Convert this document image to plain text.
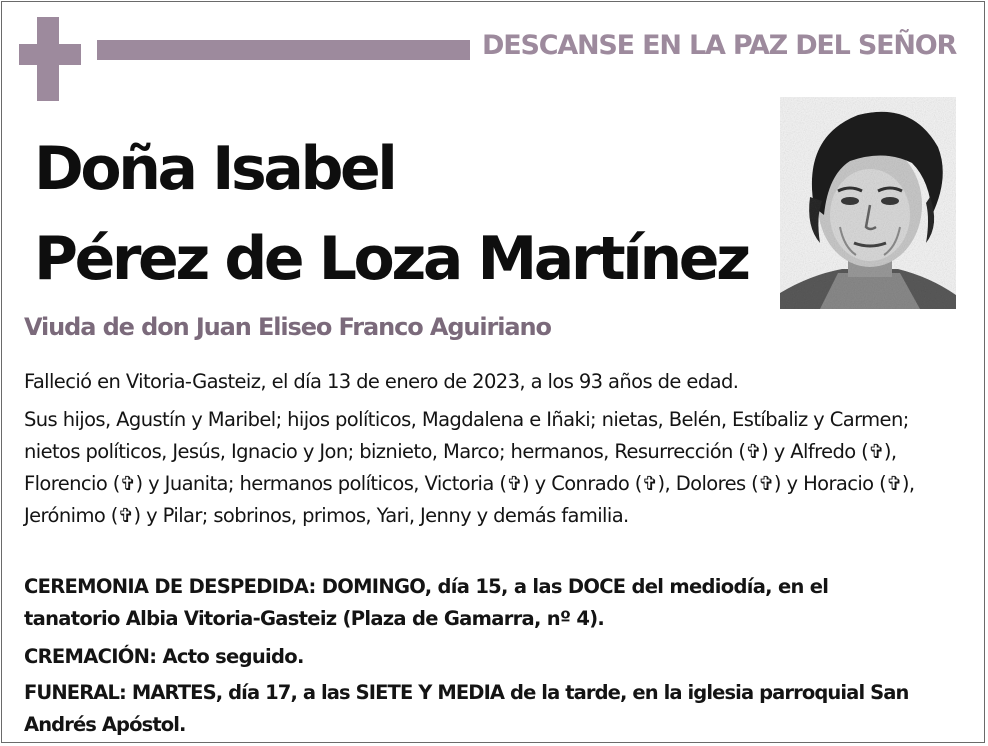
DESCANSE EN LA PAZ DEL SEÑOR
Doña Isabel
Pérez de Loza Martínez
Viuda de don Juan Eliseo Franco Aguiriano

Falleció en Vitoria-Gasteiz, el día 13 de enero de 2023, a los 93 años de edad.

Sus hijos, Agustín y Maribel; hijos políticos, Magdalena e Iñaki; nietas, Belén, Estíbaliz y Carmen; nietos políticos, Jesús, Ignacio y Jon; biznieto, Marco; hermanos, Resurrección (✞) y Alfredo (✞), Florencio (✞) y Juanita; hermanos políticos, Victoria (✞) y Conrado (✞), Dolores (✞) y Horacio (✞), Jerónimo (✞) y Pilar; sobrinos, primos, Yari, Jenny y demás familia.

CEREMONIA DE DESPEDIDA: DOMINGO, día 15, a las DOCE del mediodía, en el tanatorio Albia Vitoria-Gasteiz (Plaza de Gamarra, nº 4).

CREMACIÓN: Acto seguido.

FUNERAL: MARTES, día 17, a las SIETE Y MEDIA de la tarde, en la iglesia parroquial San Andrés Apóstol.
